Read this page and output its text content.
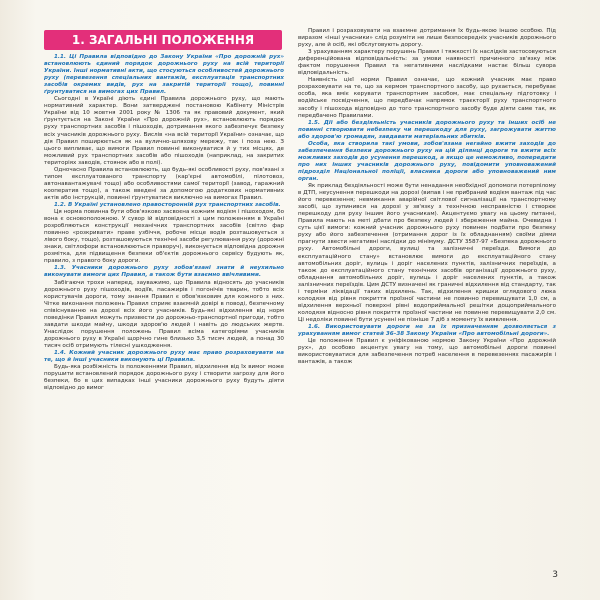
1.1. Ці Правила відповідно до Закону України «Про дорожній рух» встановлюють єдиний порядок дорожнього руху на всій території України. Інші нормативні акти, що стосуються особливостей дорожнього руху (перевезення спеціальних вантажів, експлуатація транспортних засобів окремих видів, рух на закритій території тощо), повинні ґрунтуватися на вимогах цих Правил.

Сьогодні в Україні діють єдині Правила дорожнього руху, що мають нормативний характер. Вони затверджені постановою Кабінету Міністрів України від 10 жовтня 2001 року № 1306 та як правовий документ, який ґрунтується на Законі України «Про дорожній рух», встановлюють порядок руху транспортних засобів і пішоходів, дотримання якого забезпечує безпеку всіх учасників дорожнього руху. Вислів «на всій території України» означає, що дія Правил поширюється як на вулично-шляхову мережу, так і поза нею. З цього випливає, що вимоги Правил повинні виконуватися й у тих місцях, де можливий рух транспортних засобів або пішоходів (наприклад, на закритих територіях заводів, стоянок або в полі).

Одночасно Правила встановлюють, що будь-які особливості руху, пов'язані з типом експлуатованого транспорту (кар'єрні автомобілі, пілотовоз, автонавантажувачі тощо) або особливостями самої території (завод, гаражний кооператив тощо), а також введені за допомогою додаткових нормативних актів або інструкцій, повинні ґрунтуватися виключно на вимогах Правил.

1.2. В Україні установлено правосторонній рух транспортних засобів.

Ця норма повинна бути обов'язково засвоєна кожним водієм і пішоходом, бо вона є основоположною. У сувор ій відповідності з цим положенням в Україні розробляються конструкції механічних транспортних засобів (світло фар повинно «розкривати» праве узбіччя, робоче місце водія розташовується з лівого боку, тощо), розташовуються технічні засоби регулювання руху (дорожні знаки, світлофори встановлюються праворуч), виконується відповідна дорожня розмітка, для підвищення безпеки об'єктів дорожнього сервісу будують як, правило, з правого боку дороги.

1.3. Учасники дорожнього руху зобов'язані знати й неухильно виконувати вимоги цих Правил, а також бути взаємно ввічливими.

Забігаючи трохи наперед, зауважимо, що Правила відносять до учасників дорожнього руху пішоходів, водіїв, пасажирів і погонічів тварин, тобто всіх користувачів дороги, тому знання Правил є обов'язковим для кожного з них. Чітке виконання положень Правил сприяє взаємній довірі в поводі, безпечному співіснуванню на дорозі всіх його учасників. Будь-які відхилення від норм поведінки Правил можуть призвести до дорожньо-транспортної пригоди, тобто завдати шкоди майну, шкоди здоров'ю людей і навіть до людських жертв. Унаслідок порушення положень Правил всіма категоріями учасників дорожнього руху в Україні щорічно гине близько 3,5 тисяч людей, а понад 30 тисяч осіб отримують тілесні ушкодження.

1.4. Кожний учасник дорожнього руху має право розраховувати на те, що й інші учасники виконують ці Правила.

Будь-яка розбіжність із положеннями Правил, відхилення від їх вимог може порушити встановлений порядок дорожнього руху і створити загрозу для його безпеки, бо в цих випадках інші учасники дорожнього руху будуть діяти відповідно до вимог

1. ЗАГАЛЬНІ ПОЛОЖЕННЯ

Правил і розраховувати на взаємне дотримання їх будь-якою іншою особою. Під виразом «інші учасники» слід розуміти не лише безпосередніх учасників дорожнього руху, але й осіб, які обслуговують дорогу.

З урахуванням характеру порушень Правил і тяжкості їх наслідків застосовуються диференційована відповідальність: за умови наявності причинного зв'язку між фактом порушення Правил та негативними наслідками настає більш сувора відповідальність.

Наявність цієї норми Правил означає, що кожний учасник має право розраховувати на те, що за кермом транспортного засобу, що рухається, перебуває особа, яка вміє керувати транспортним засобом, має спеціальну підготовку і водійське посвідчення, що передбачає напрямок траєкторії руху транспортного засобу і пішохода відповідно до того транспортного засобу буде діяти саме так, як передбачено Правилами.

1.5. Дії або бездіяльність учасників дорожнього руху та інших осіб не повинні створювати небезпеку чи перешкоду для руху, загрожувати життю або здоров'ю громадян, завдавати матеріальних збитків.

Особа, яка створила такі умови, зобов'язана негайно вжити заходів до забезпечення безпеки дорожнього руху на цій ділянці дороги та вжити всіх можливих заходів до усунення перешкод, а якщо це неможливо, попередити про них інших учасників дорожнього руху, повідомити уповноважений підрозділ Національної поліції, власника дороги або уповноважений ним орган.

Як приклад бездіяльності може бути ненадання необхідної допомоги потерпілому в ДТП, неусунення перешкоди на дорозі (випав і не прибраний водієм вантаж під час його перевезення; невмикання аварійної світлової сигналізації на транспортному засобі, що зупинився на дорозі у зв'язку з технічною несправністю і створює перешкоду для руху іншим його учасникам). Акцентуємо увагу на цьому питанні, Правила мають на меті дбати про безпеку людей і збереження майна. Очевидна і суть цієї вимоги: кожний учасник дорожнього руху повинен подбати про безпеку руху або його забезпечення (отримання дорог із їх обладнанням) своїми діями прагнути звести негативні наслідки до мінімуму. ДСТУ 3587-97 «Безпека дорожнього руху. Автомобільні дороги, вулиці та залізничні переїзди. Вимоги до експлуатаційного стану» встановлює вимоги до експлуатаційного стану автомобільних доріг, вулиць і доріг населених пунктів, залізничних переїздів, а також до експлуатаційного стану технічних засобів організації дорожнього руху, обладнання автомобільних доріг, вулиць і доріг населених пунктів, а також залізничних переїздів. Цим ДСТУ визначені як граничні відхилення від стандарту, так і терміни ліквідації таких відхилень. Так, відхилення кришки оглядового люка колодязя від рівня покриття проїзної частини не повинно перевищувати 1,0 см, а відхилення верхньої поверхні рівні водоприймальної решітки дощоприймального колодязя відносно рівня покриття проїзної частини не повинне перевищувати 2,0 см. Ці недоліки повинні бути усунені не пізніше 7 діб з моменту їх виявлення.

1.6. Використовувати дороги не за їх призначенням дозволяється з урахуванням вимог статей 36–38 Закону України «Про автомобільні дороги».

Це положення Правил є уніфікованою нормою Закону України «Про дорожній рух», до особово акцентує увагу на тому, що автомобільні дороги повинні використовуватися для забезпечення потреб населення в перевезеннях пасажирів і вантажів, а також

3
